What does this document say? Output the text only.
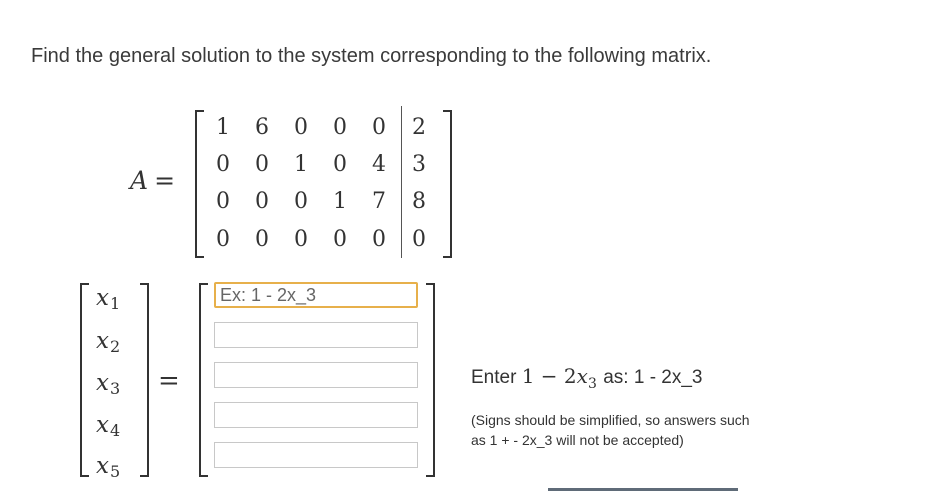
Find the general solution to the system corresponding to the following matrix.
A =
1 6 0 0 0 2
0 0 1 0 4 3
0 0 0 1 7 8
0 0 0 0 0 0
$x_1$
$x_2$
$x_3$
$x_4$
$x_5$
=
Ex: 1 - 2x_3	Enter $1 - 2x_3$ as: 1 - 2x_3
(Signs should be simplified, so answers such as 1 + - 2x_3 will not be accepted)
